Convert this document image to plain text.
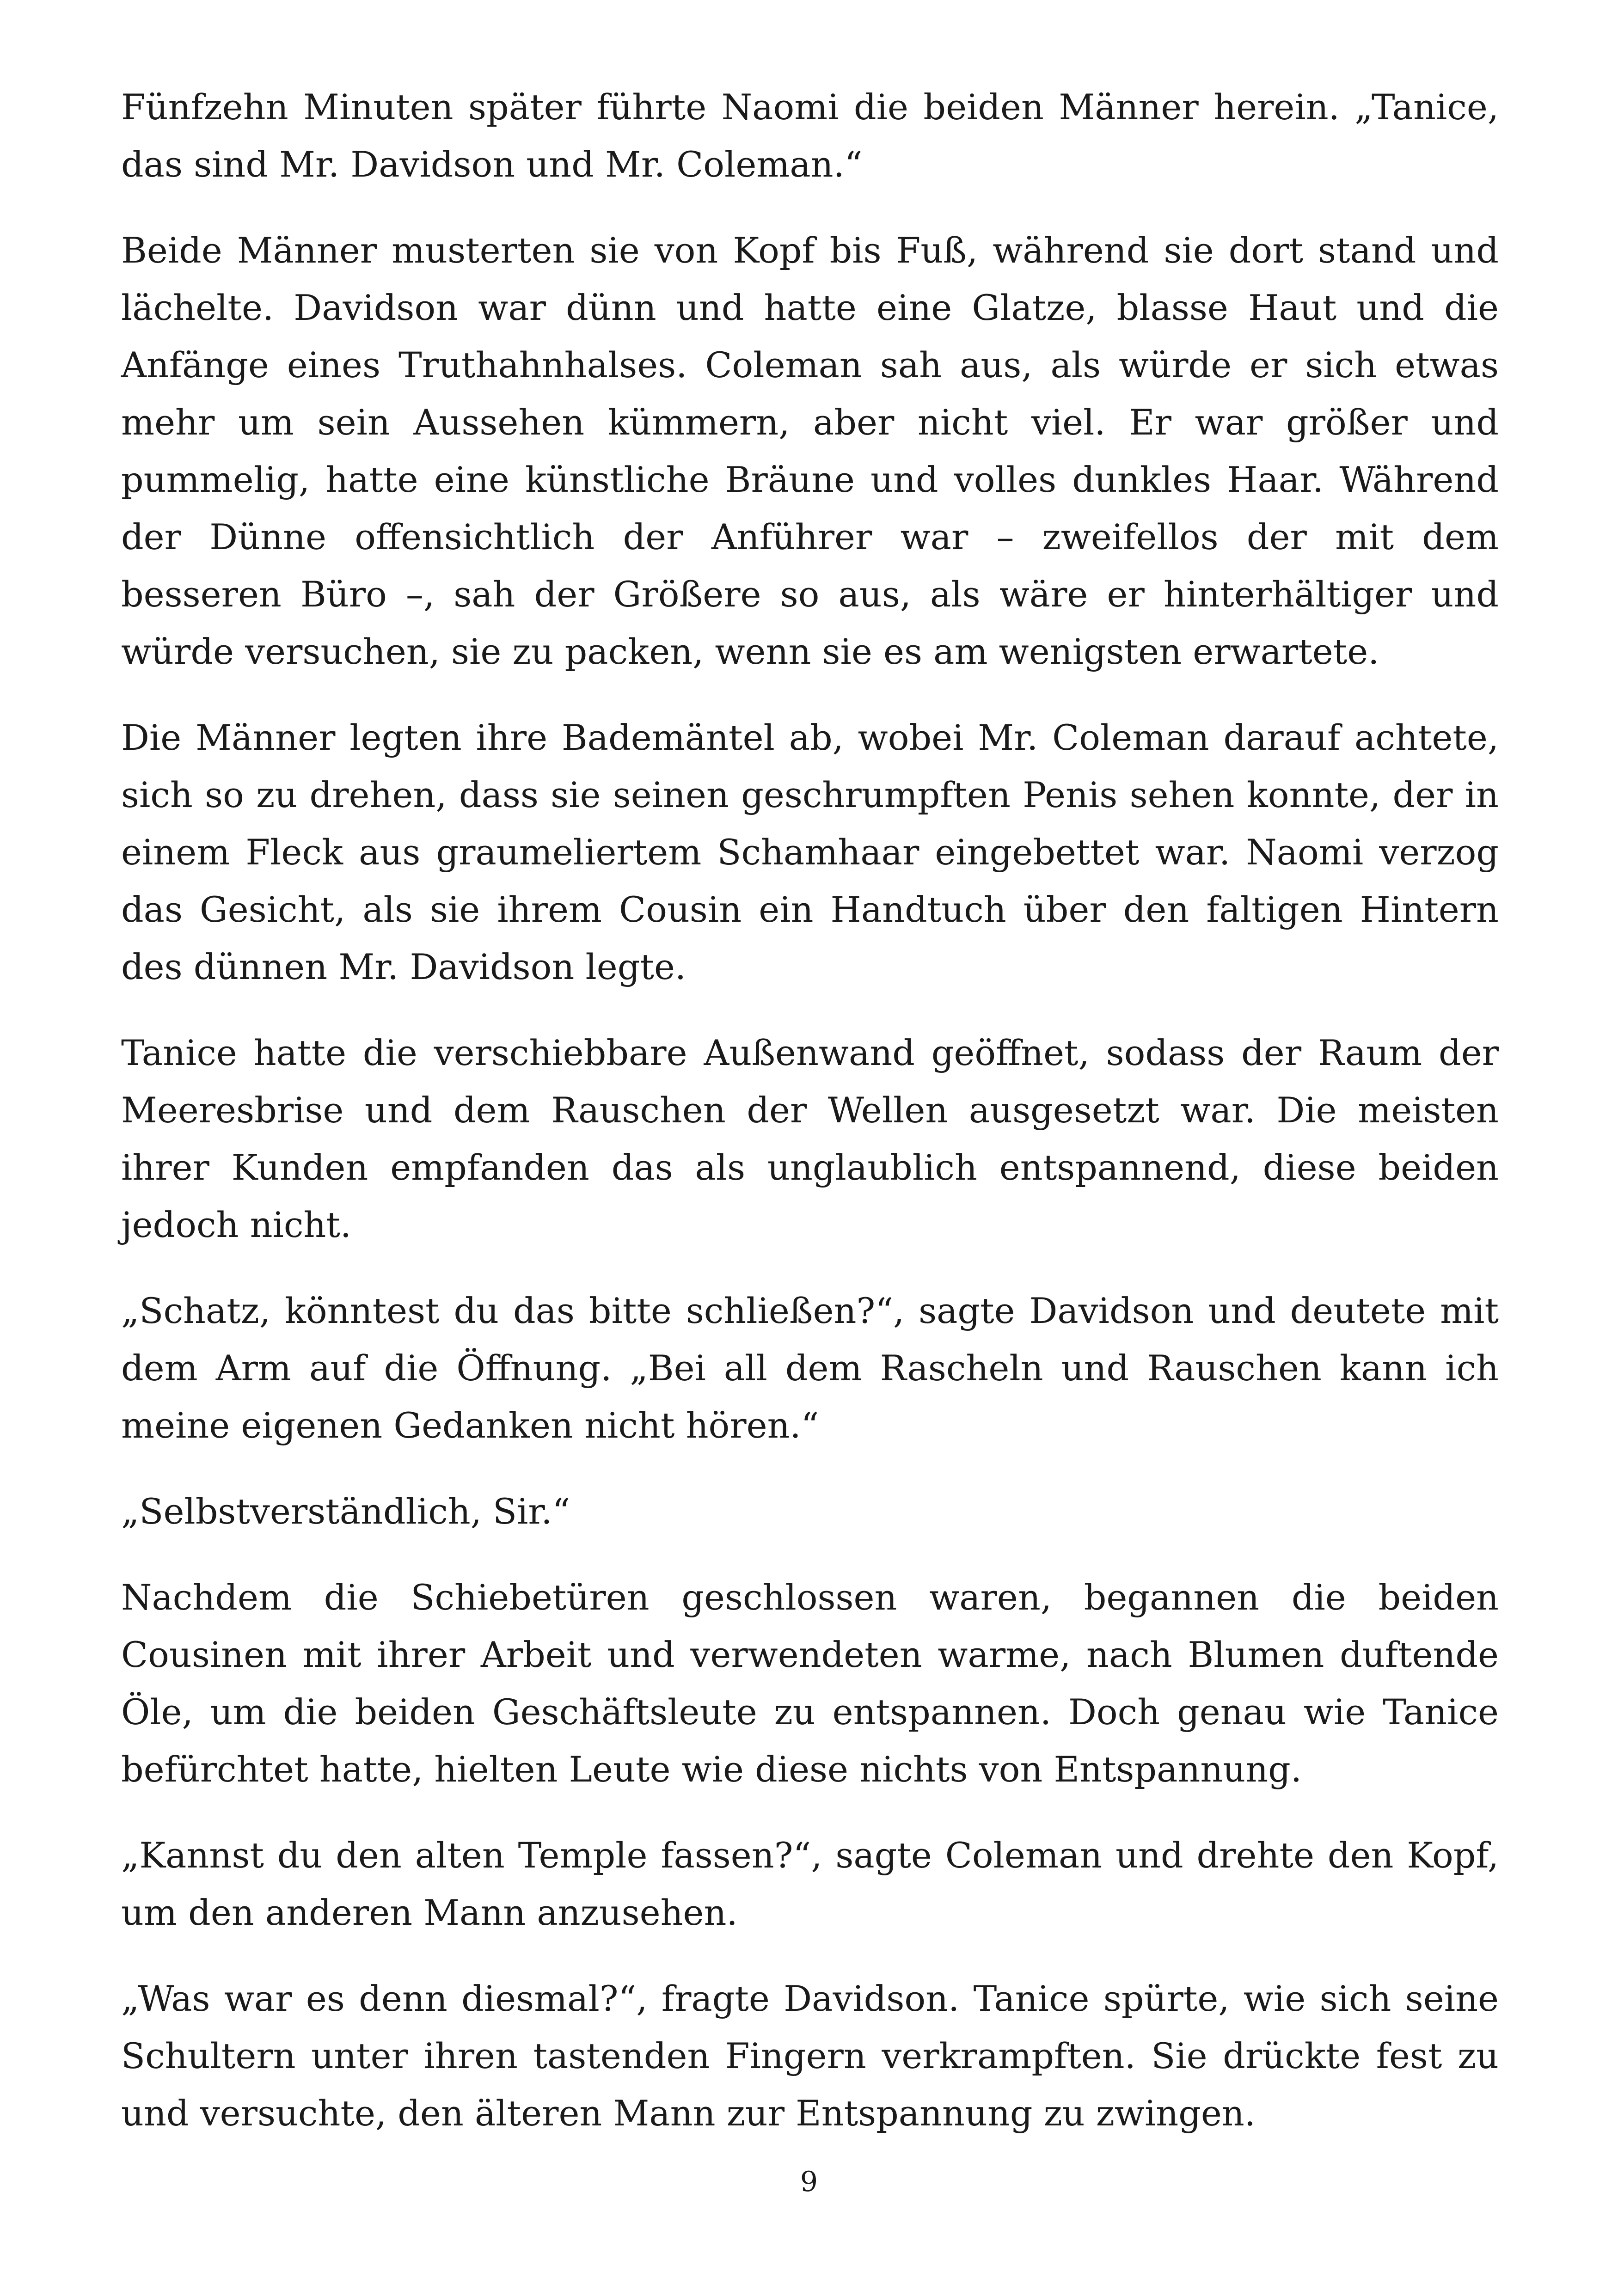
Fünfzehn Minuten später führte Naomi die beiden Männer herein. „Tanice, das sind Mr. Davidson und Mr. Coleman.“

Beide Männer musterten sie von Kopf bis Fuß, während sie dort stand und lächelte. Davidson war dünn und hatte eine Glatze, blasse Haut und die Anfänge eines Truthahnhalses. Coleman sah aus, als würde er sich etwas mehr um sein Aussehen kümmern, aber nicht viel. Er war größer und pummelig, hatte eine künstliche Bräune und volles dunkles Haar. Während der Dünne offensichtlich der Anführer war – zweifellos der mit dem besseren Büro –, sah der Größere so aus, als wäre er hinterhältiger und würde versuchen, sie zu packen, wenn sie es am wenigsten erwartete.

Die Männer legten ihre Bademäntel ab, wobei Mr. Coleman darauf achtete, sich so zu drehen, dass sie seinen geschrumpften Penis sehen konnte, der in einem Fleck aus graumeliertem Schamhaar eingebettet war. Naomi verzog das Gesicht, als sie ihrem Cousin ein Handtuch über den faltigen Hintern des dünnen Mr. Davidson legte.

Tanice hatte die verschiebbare Außenwand geöffnet, sodass der Raum der Meeresbrise und dem Rauschen der Wellen ausgesetzt war. Die meisten ihrer Kunden empfanden das als unglaublich entspannend, diese beiden jedoch nicht.

„Schatz, könntest du das bitte schließen?“, sagte Davidson und deutete mit dem Arm auf die Öffnung. „Bei all dem Rascheln und Rauschen kann ich meine eigenen Gedanken nicht hören.“

„Selbstverständlich, Sir.“

Nachdem die Schiebetüren geschlossen waren, begannen die beiden Cousinen mit ihrer Arbeit und verwendeten warme, nach Blumen duftende Öle, um die beiden Geschäftsleute zu entspannen. Doch genau wie Tanice befürchtet hatte, hielten Leute wie diese nichts von Entspannung.

„Kannst du den alten Temple fassen?“, sagte Coleman und drehte den Kopf, um den anderen Mann anzusehen.

„Was war es denn diesmal?“, fragte Davidson. Tanice spürte, wie sich seine Schultern unter ihren tastenden Fingern verkrampften. Sie drückte fest zu und versuchte, den älteren Mann zur Entspannung zu zwingen.

9
